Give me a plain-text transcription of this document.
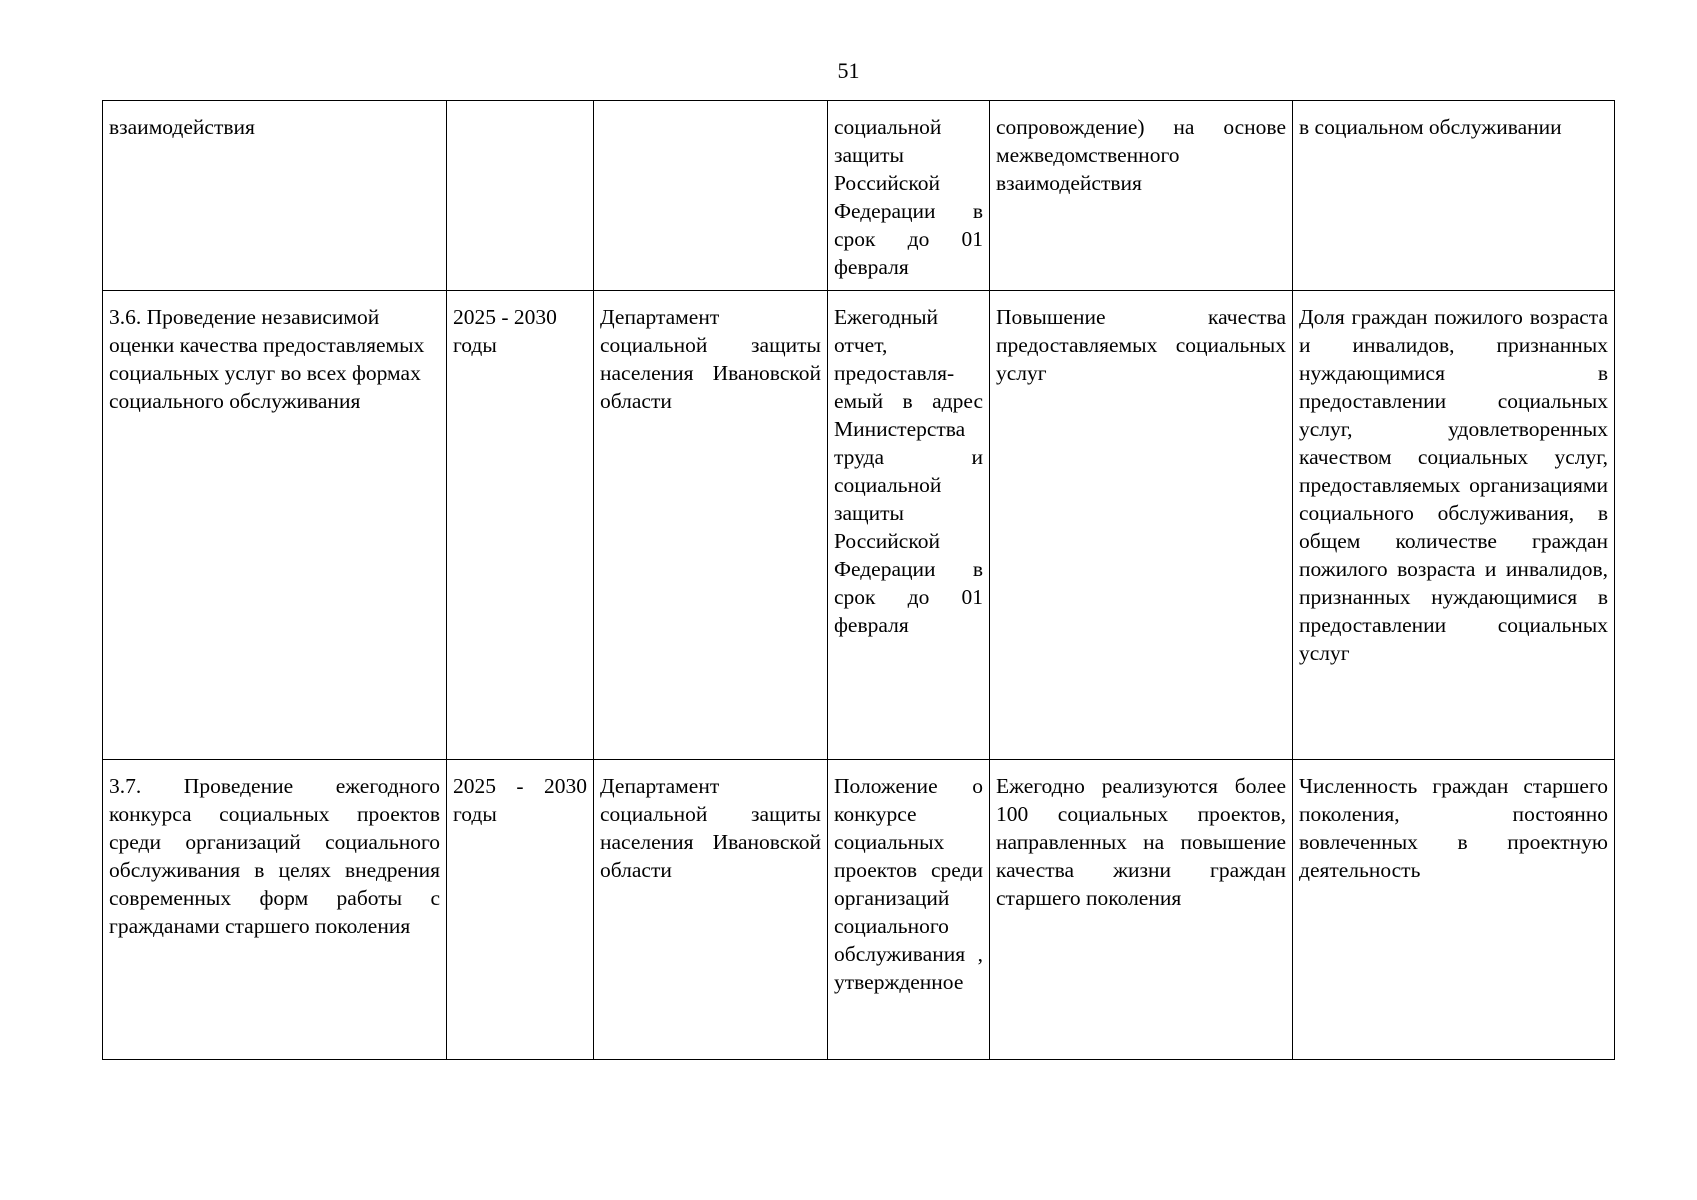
51
взаимодействия			социальной защиты Российской Федерации в срок до 01 февраля	сопровождение) на основе межведомственного взаимодействия	в социальном обслуживании
3.6. Проведение независимой оценки качества предоставляемых социальных услуг во всех формах социального обслуживания	2025 - 2030 годы	Департамент социальной защиты населения Ивановской области	Ежегодный отчет, предоставля-емый в адрес Министерства труда и социальной защиты Российской Федерации в срок до 01 февраля	Повышение качества предоставляемых социальных услуг	Доля граждан пожилого возраста и инвалидов, признанных нуждающимися в предоставлении социальных услуг, удовлетворенных качеством социальных услуг, предоставляемых организациями социального обслуживания, в общем количестве граждан пожилого возраста и инвалидов, признанных нуждающимися в предоставлении социальных услуг
3.7. Проведение ежегодного конкурса социальных проектов среди организаций социального обслуживания в целях внедрения современных форм работы с гражданами старшего поколения	2025 - 2030 годы	Департамент социальной защиты населения Ивановской области	Положение о конкурсе социальных проектов среди организаций социального обслуживания , утвержденное	Ежегодно реализуются более 100 социальных проектов, направленных на повышение качества жизни граждан старшего поколения	Численность граждан старшего поколения, постоянно вовлеченных в проектную деятельность
